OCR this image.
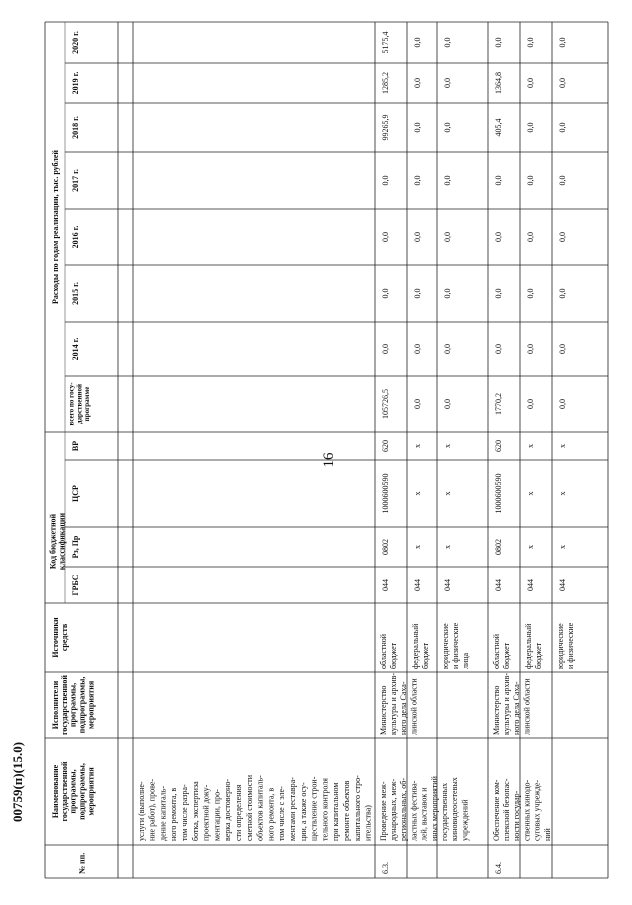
16
00759(п)(15.0)
№ пп.
Наименованиегосударственнойпрограммы,подпрограммы,мероприятия
Исполнителигосударственнойпрограммы,подпрограммы,мероприятия
Источникисредств
Код бюджетнойклассификации
ГРБС
Рз, Пр
ЦСР
ВР
Расходы по годам реализации, тыс. рублей
всего по госу-дарственнойпрограмме
2014 г.
2015 г.
2016 г.
2017 г.
2018 г.
2019 г.
2020 г.
услуги (выполне- ние работ), прове- дение капиталь- ного ремонта, в том числе разра- ботка, экспертиза проектной доку- ментации, про- верка достоверно- сти определения сметной стоимости объектов капиталь- ного ремонта, в том числе с эле- ментами реставра- ции, а также осу- ществление строи- тельного контроля при капитальном ремонте объектов капитального стро- ительства)
6.3.
Проведение меж-дународных, меж-региональных, об-ластных фестива-лей, выставок ииных мероприятийгосударственныхкиновидеосетевыхучреждений
Министерствокультуры и архив-ного дела Саха-линской области
областнойбюджет
044
0802
1000600590
620
105726,5
0,0
0,0
0,0
0,0
99265,9
1285,2
5175,4
федеральныйбюджет
044
x
x
x
0,0
0,0
0,0
0,0
0,0
0,0
0,0
0,0
юридическиеи физическиелица
044
x
x
x
0,0
0,0
0,0
0,0
0,0
0,0
0,0
0,0
6.4.
Обеспечение ком-плексной безопас-ности государ-ственных кинодо-суговых учрежде-ний
Министерствокультуры и архив-ного дела Саха-линской области
областнойбюджет
044
0802
1000600590
620
1770,2
0,0
0,0
0,0
0,0
405,4
1364,8
0,0
федеральныйбюджет
044
x
x
x
0,0
0,0
0,0
0,0
0,0
0,0
0,0
0,0
юридическиеи физические
044
x
x
x
0,0
0,0
0,0
0,0
0,0
0,0
0,0
0,0
